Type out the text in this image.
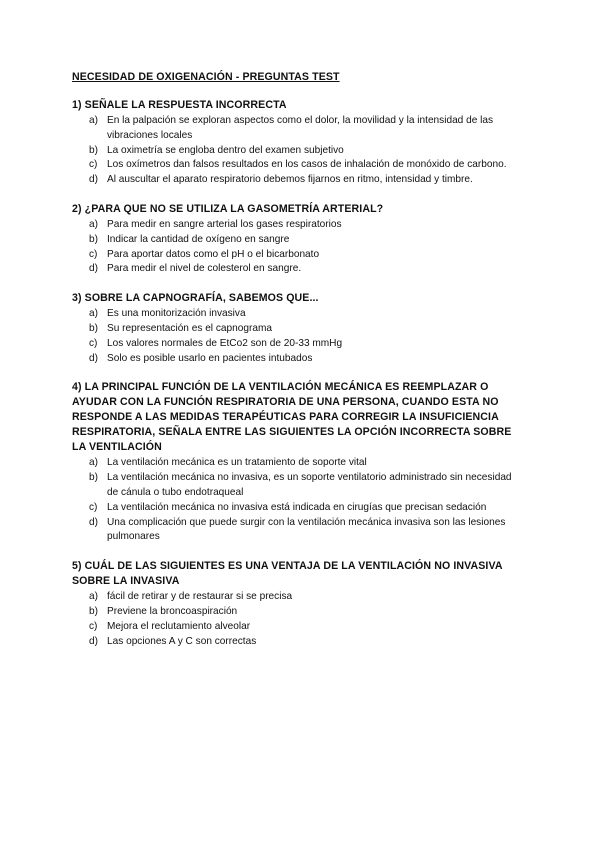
NECESIDAD DE OXIGENACIÓN - PREGUNTAS TEST
1) SEÑALE LA RESPUESTA INCORRECTA
a) En la palpación se exploran aspectos como el dolor, la movilidad y la intensidad de las vibraciones locales
b) La oximetría se engloba dentro del examen subjetivo
c) Los oxímetros dan falsos resultados en los casos de inhalación de monóxido de carbono.
d) Al auscultar el aparato respiratorio debemos fijarnos en ritmo, intensidad y timbre.
2) ¿PARA QUE NO SE UTILIZA LA GASOMETRÍA ARTERIAL?
a) Para medir en sangre arterial los gases respiratorios
b) Indicar la cantidad de oxígeno en sangre
c) Para aportar datos como el pH o el bicarbonato
d) Para medir el nivel de colesterol en sangre.
3) SOBRE LA CAPNOGRAFÍA, SABEMOS QUE...
a) Es una monitorización invasiva
b) Su representación es el capnograma
c) Los valores normales de EtCo2 son de 20-33 mmHg
d) Solo es posible usarlo en pacientes intubados
4) LA PRINCIPAL FUNCIÓN DE LA VENTILACIÓN MECÁNICA ES REEMPLAZAR O AYUDAR CON LA FUNCIÓN RESPIRATORIA DE UNA PERSONA, CUANDO ESTA NO RESPONDE A LAS MEDIDAS TERAPÉUTICAS PARA CORREGIR LA INSUFICIENCIA RESPIRATORIA, SEÑALA ENTRE LAS SIGUIENTES LA OPCIÓN INCORRECTA SOBRE LA VENTILACIÓN
a) La ventilación mecánica es un tratamiento de soporte vital
b) La ventilación mecánica no invasiva, es un soporte ventilatorio administrado sin necesidad de cánula o tubo endotraqueal
c) La ventilación mecánica no invasiva está indicada en cirugías que precisan sedación
d) Una complicación que puede surgir con la ventilación mecánica invasiva son las lesiones pulmonares
5) CUÁL DE LAS SIGUIENTES ES UNA VENTAJA DE LA VENTILACIÓN NO INVASIVA SOBRE LA INVASIVA
a) fácil de retirar y de restaurar si se precisa
b) Previene la broncoaspiración
c) Mejora el reclutamiento alveolar
d) Las opciones A y C son correctas
